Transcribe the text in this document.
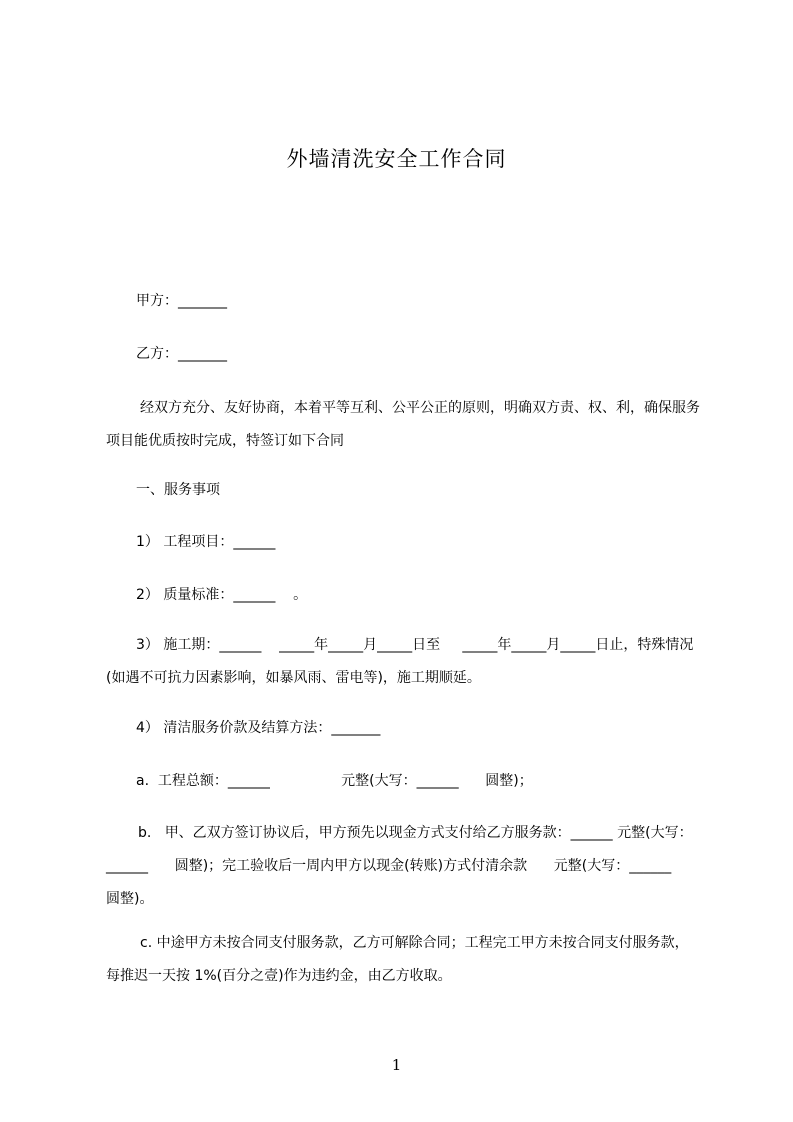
外墙清洗安全工作合同
甲方：_______
乙方：_______
经双方充分、友好协商，本着平等互利、公平公正的原则，明确双方责、权、利，确保服务项目能优质按时完成，特签订如下合同
一、服务事项
1） 工程项目：______
2） 质量标准：______    。
3） 施工期：______    _____年_____月_____日至     _____年_____月_____日止，特殊情况(如遇不可抗力因素影响，如暴风雨、雷电等)，施工期顺延。
4） 清洁服务价款及结算方法：_______
a.  工程总额：______                元整(大写：______      圆整)；
b.   甲、乙双方签订协议后，甲方预先以现金方式支付给乙方服务款：______ 元整(大写：______      圆整)；完工验收后一周内甲方以现金(转账)方式付清余款      元整(大写：______    圆整)。
c. 中途甲方未按合同支付服务款，乙方可解除合同；工程完工甲方未按合同支付服务款，每推迟一天按 1%(百分之壹)作为违约金，由乙方收取。
1
